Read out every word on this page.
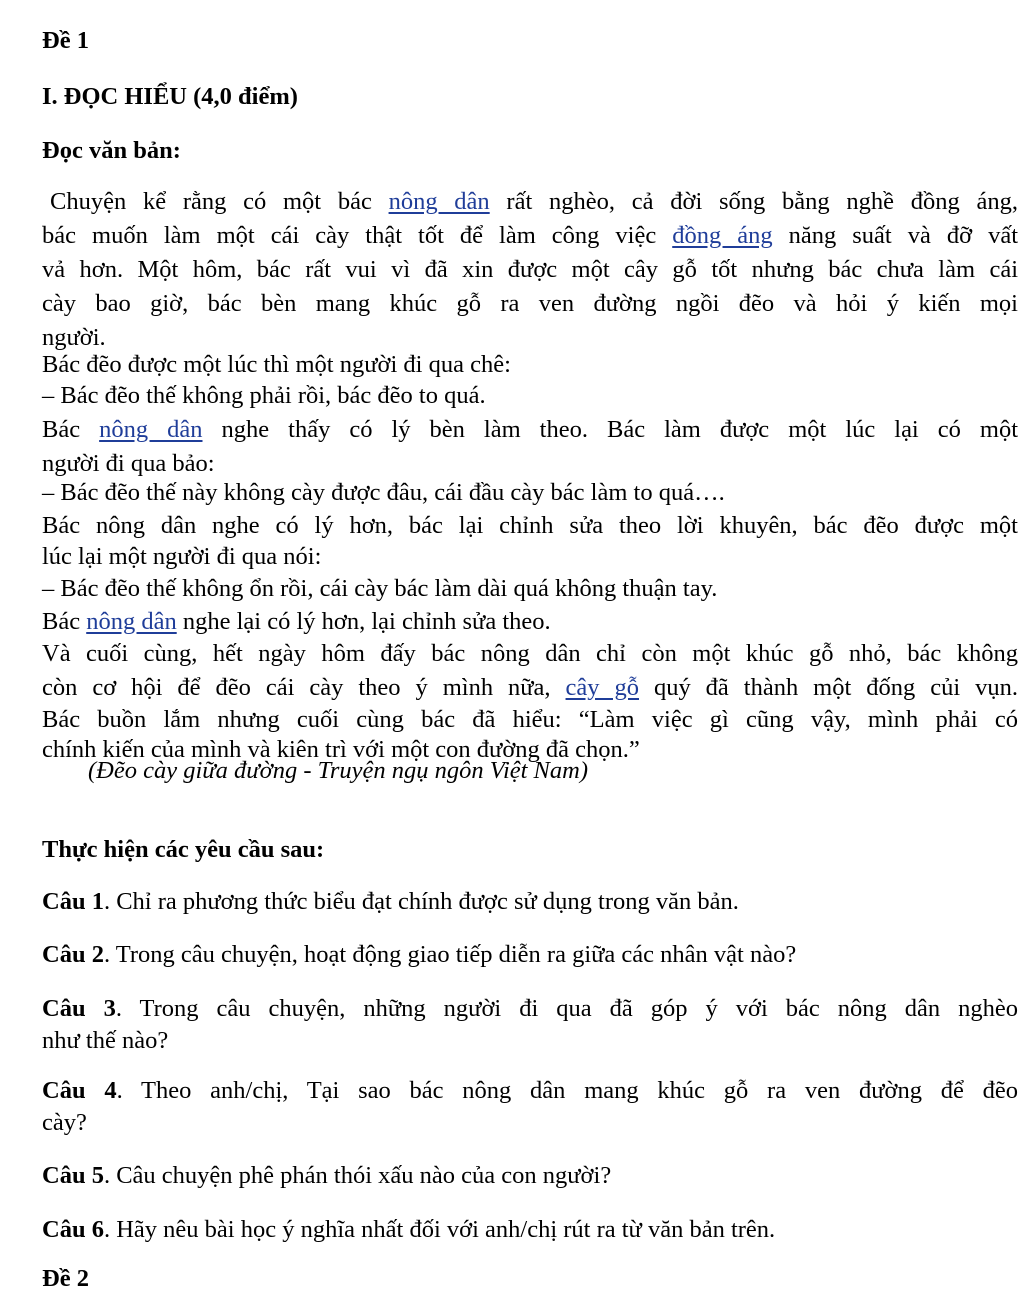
Đề 1
I. ĐỌC HIỂU (4,0 điểm)
Đọc văn bản:
Chuyện kể rằng có một bác nông dân rất nghèo, cả đời sống bằng nghề đồng áng,
bác muốn làm một cái cày thật tốt để làm công việc đồng áng năng suất và đỡ vất
vả hơn. Một hôm, bác rất vui vì đã xin được một cây gỗ tốt nhưng bác chưa làm cái
cày bao giờ, bác bèn mang khúc gỗ ra ven đường ngồi đẽo và hỏi ý kiến mọi
người.
Bác đẽo được một lúc thì một người đi qua chê:
– Bác đẽo thế không phải rồi, bác đẽo to quá.
Bác nông dân nghe thấy có lý bèn làm theo. Bác làm được một lúc lại có một
người đi qua bảo:
– Bác đẽo thế này không cày được đâu, cái đầu cày bác làm to quá….
Bác nông dân nghe có lý hơn, bác lại chỉnh sửa theo lời khuyên, bác đẽo được một
lúc lại một người đi qua nói:
– Bác đẽo thế không ổn rồi, cái cày bác làm dài quá không thuận tay.
Bác nông dân nghe lại có lý hơn, lại chỉnh sửa theo.
Và cuối cùng, hết ngày hôm đấy bác nông dân chỉ còn một khúc gỗ nhỏ, bác không
còn cơ hội để đẽo cái cày theo ý mình nữa, cây gỗ quý đã thành một đống củi vụn.
Bác buồn lắm nhưng cuối cùng bác đã hiểu: “Làm việc gì cũng vậy, mình phải có
chính kiến của mình và kiên trì với một con đường đã chọn.”
(Đẽo cày giữa đường - Truyện ngụ ngôn Việt Nam)
Thực hiện các yêu cầu sau:
Câu 1. Chỉ ra phương thức biểu đạt chính được sử dụng trong văn bản.
Câu 2. Trong câu chuyện, hoạt động giao tiếp diễn ra giữa các nhân vật nào?
Câu 3. Trong câu chuyện, những người đi qua đã góp ý với bác nông dân nghèo
như thế nào?
Câu 4. Theo anh/chị, Tại sao bác nông dân mang khúc gỗ ra ven đường để đẽo
cày?
Câu 5. Câu chuyện phê phán thói xấu nào của con người?
Câu 6. Hãy nêu bài học ý nghĩa nhất đối với anh/chị rút ra từ văn bản trên.
Đề 2
